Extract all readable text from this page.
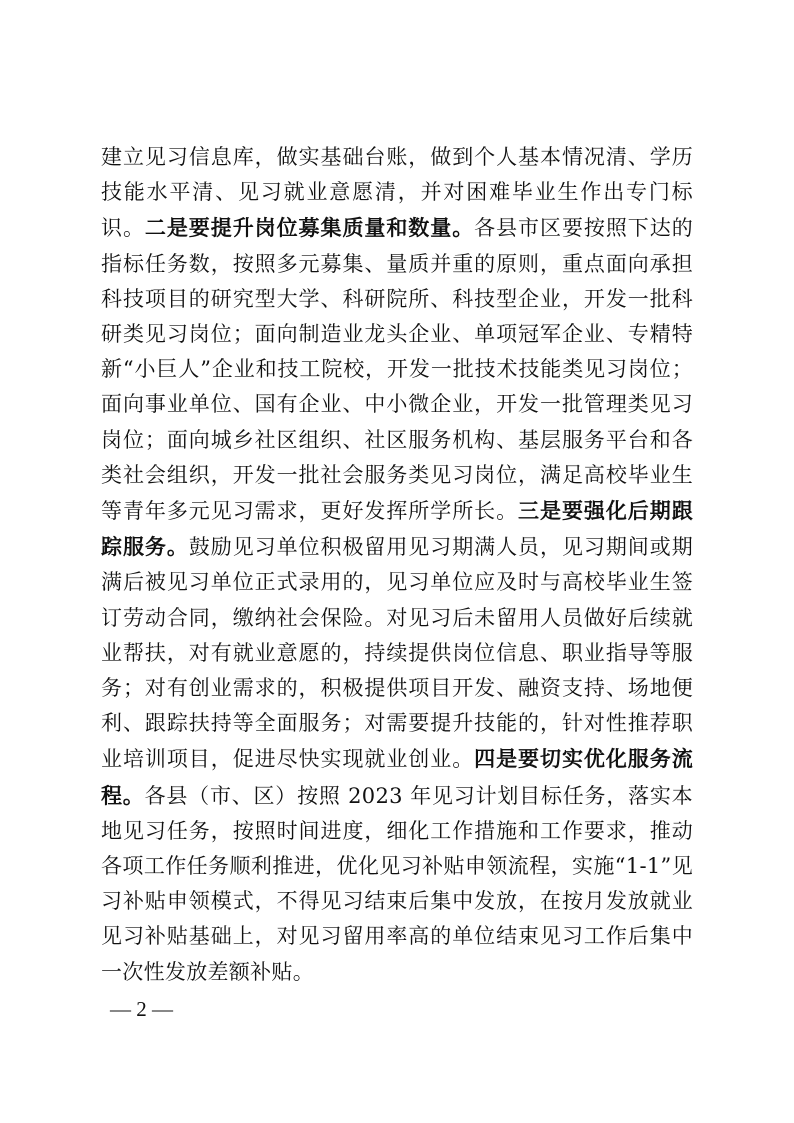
建立见习信息库，做实基础台账，做到个人基本情况清、学历技能水平清、见习就业意愿清，并对困难毕业生作出专门标识。二是要提升岗位募集质量和数量。各县市区要按照下达的指标任务数，按照多元募集、量质并重的原则，重点面向承担科技项目的研究型大学、科研院所、科技型企业，开发一批科研类见习岗位；面向制造业龙头企业、单项冠军企业、专精特新“小巨人”企业和技工院校，开发一批技术技能类见习岗位；面向事业单位、国有企业、中小微企业，开发一批管理类见习岗位；面向城乡社区组织、社区服务机构、基层服务平台和各类社会组织，开发一批社会服务类见习岗位，满足高校毕业生等青年多元见习需求，更好发挥所学所长。三是要强化后期跟踪服务。鼓励见习单位积极留用见习期满人员，见习期间或期满后被见习单位正式录用的，见习单位应及时与高校毕业生签订劳动合同，缴纳社会保险。对见习后未留用人员做好后续就业帮扶，对有就业意愿的，持续提供岗位信息、职业指导等服务；对有创业需求的，积极提供项目开发、融资支持、场地便利、跟踪扶持等全面服务；对需要提升技能的，针对性推荐职业培训项目，促进尽快实现就业创业。四是要切实优化服务流程。各县（市、区）按照 2023 年见习计划目标任务，落实本地见习任务，按照时间进度，细化工作措施和工作要求，推动各项工作任务顺利推进，优化见习补贴申领流程，实施“1-1”见习补贴申领模式，不得见习结束后集中发放，在按月发放就业见习补贴基础上，对见习留用率高的单位结束见习工作后集中一次性发放差额补贴。

— 2 —
